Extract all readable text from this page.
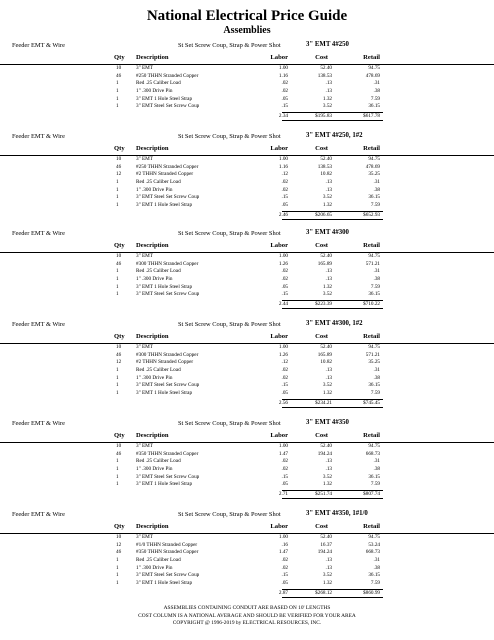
National Electrical Price Guide
Assemblies
Feeder EMT & Wire	St Set Screw Coup, Strap & Power Shot	3" EMT 4#250
Qty Description	Labor	Cost	Retail
10	3" EMT	1.00	52.40	94.75
46	#250 THHN Stranded Copper	1.16	138.53	478.69
1	Red .25 Caliber Load	.02	.13	.31
1	1" .300 Drive Pin	.02	.13	.38
1	3" EMT 1 Hole Steel Strap	.05	1.32	7.59
1	3" EMT Steel Set Screw Coup	.15	3.52	36.15
2.34	$195.83	$617.78
Feeder EMT & Wire	St Set Screw Coup, Strap & Power Shot	3" EMT 4#250, 1#2
Qty Description	Labor	Cost	Retail
10	3" EMT	1.00	52.40	94.75
46	#250 THHN Stranded Copper	1.16	138.53	478.69
12	#2 THHN Stranded Copper	.12	10.82	35.25
1	Red .25 Caliber Load	.02	.13	.31
1	1" .300 Drive Pin	.02	.13	.38
1	3" EMT Steel Set Screw Coup	.15	3.52	36.15
1	3" EMT 1 Hole Steel Strap	.05	1.32	7.59
2.46	$206.65	$652.93
Feeder EMT & Wire	St Set Screw Coup, Strap & Power Shot	3" EMT 4#300
Qty Description	Labor	Cost	Retail
10	3" EMT	1.00	52.40	94.75
46	#300 THHN Stranded Copper	1.26	165.89	571.21
1	Red .25 Caliber Load	.02	.13	.31
1	1" .300 Drive Pin	.02	.13	.38
1	3" EMT 1 Hole Steel Strap	.05	1.32	7.59
1	3" EMT Steel Set Screw Coup	.15	3.52	36.15
2.44	$223.39	$710.22
Feeder EMT & Wire	St Set Screw Coup, Strap & Power Shot	3" EMT 4#300, 1#2
Qty Description	Labor	Cost	Retail
10	3" EMT	1.00	52.40	94.75
46	#300 THHN Stranded Copper	1.26	165.89	571.21
12	#2 THHN Stranded Copper	.12	10.82	35.25
1	Red .25 Caliber Load	.02	.13	.31
1	1" .300 Drive Pin	.02	.13	.38
1	3" EMT Steel Set Screw Coup	.15	3.52	36.15
1	3" EMT 1 Hole Steel Strap	.05	1.32	7.59
2.56	$234.21	$745.45
Feeder EMT & Wire	St Set Screw Coup, Strap & Power Shot	3" EMT 4#350
Qty Description	Labor	Cost	Retail
10	3" EMT	1.00	52.40	94.75
46	#350 THHN Stranded Copper	1.47	194.24	668.73
1	Red .25 Caliber Load	.02	.13	.31
1	1" .300 Drive Pin	.02	.13	.38
1	3" EMT Steel Set Screw Coup	.15	3.52	36.15
1	3" EMT 1 Hole Steel Strap	.05	1.32	7.59
2.71	$251.74	$807.74
Feeder EMT & Wire	St Set Screw Coup, Strap & Power Shot	3" EMT 4#350, 1#1/0
Qty Description	Labor	Cost	Retail
10	3" EMT	1.00	52.40	94.75
12	#1/0 THHN Stranded Copper	.16	16.37	53.24
46	#350 THHN Stranded Copper	1.47	194.24	668.73
1	Red .25 Caliber Load	.02	.13	.31
1	1" .300 Drive Pin	.02	.13	.38
1	3" EMT Steel Set Screw Coup	.15	3.52	36.15
1	3" EMT 1 Hole Steel Strap	.05	1.32	7.59
2.87	$268.12	$860.99
ASSEMBLIES CONTAINING CONDUIT ARE BASED ON 10' LENGTHS
COST COLUMN IS A NATIONAL AVERAGE AND SHOULD BE VERIFIED FOR YOUR AREA
COPYRIGHT @ 1996-2019 by ELECTRICAL RESOURCES, INC.
